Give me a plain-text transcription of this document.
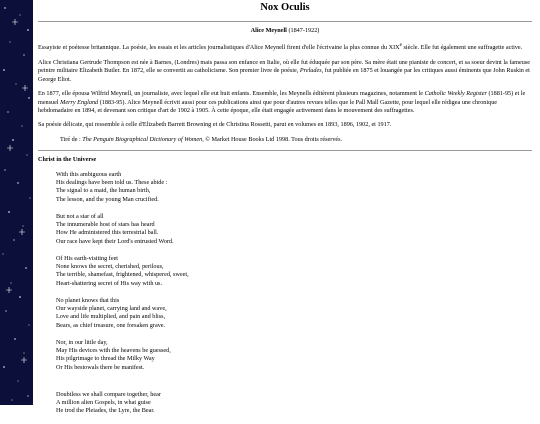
Nox Oculis
Alice Meynell (1847-1922)

Essayiste et poétesse britannique. La poésie, les essais et les articles journalistiques d'Alice Meynell firent d'elle l'écrivaine la plus connue du XIXe siècle. Elle fut également une suffragette active.

Alice Christiana Gertrude Thompson est née à Barnes, (Londres) mais passa son enfance en Italie, où elle fut éduquée par son père. Sa mère était une pianiste de concert, et sa soeur devint la fameuse peintre militaire Elizabeth Butler. En 1872, elle se convertit au catholicisme. Son premier livre de poésie, Preludes, fut publiée en 1875 et louangée par les critiques aussi éminents que John Ruskin et George Eliot.

En 1877, elle épousa Wilfrid Meynell, un journaliste, avec lequel elle eut huit enfants. Ensemble, les Meynells éditèrent plusieurs magazines, notamment le Catholic Weekly Register (1881-95) et le mensuel Merry England (1883-95). Alice Meynell écrivit aussi pour ces publications ainsi que pour d'autres revues telles que le Pall Mall Gazette, pour lequel elle rédigea une chronique hebdomadaire en 1894, et devenant son critique d'art de 1902 à 1905. À cette époque, elle était engagée activement dans le mouvement des suffragettes.

Sa poésie délicate, qui ressemble à celle d'Elizabeth Barrett Browning et de Christina Rossetti, parut en volumes en 1893, 1896, 1902, et 1917.

Tiré de : The Penguin Biographical Dictionary of Women, © Market House Books Ltd 1998. Tous droits réservés.

Christ in the Universe
With this ambiguous earth
His dealings have been told us. These abide :
The signal to a maid, the human birth,
The lesson, and the young Man crucified.
But not a star of all
The innumerable host of stars has heard
How He administered this terrestrial ball.
Our race have kept their Lord's entrusted Word.
Of His earth-visiting feet
None knows the secret, cherished, perilous,
The terrible, shamefast, frightened, whispered, sweet,
Heart-shattering secret of His way with us.
No planet knows that this
Our wayside planet, carrying land and wave,
Love and life multiplied, and pain and bliss,
Bears, as chief treasure, one forsaken grave.
Nor, in our little day,
May His devices with the heavens be guessed,
His pilgrimage to thread the Milky Way
Or His bestowals there be manifest.
Doubtless we shall compare together, hear
A million alien Gospels, in what guise
He trod the Pleiades, the Lyre, the Bear.
